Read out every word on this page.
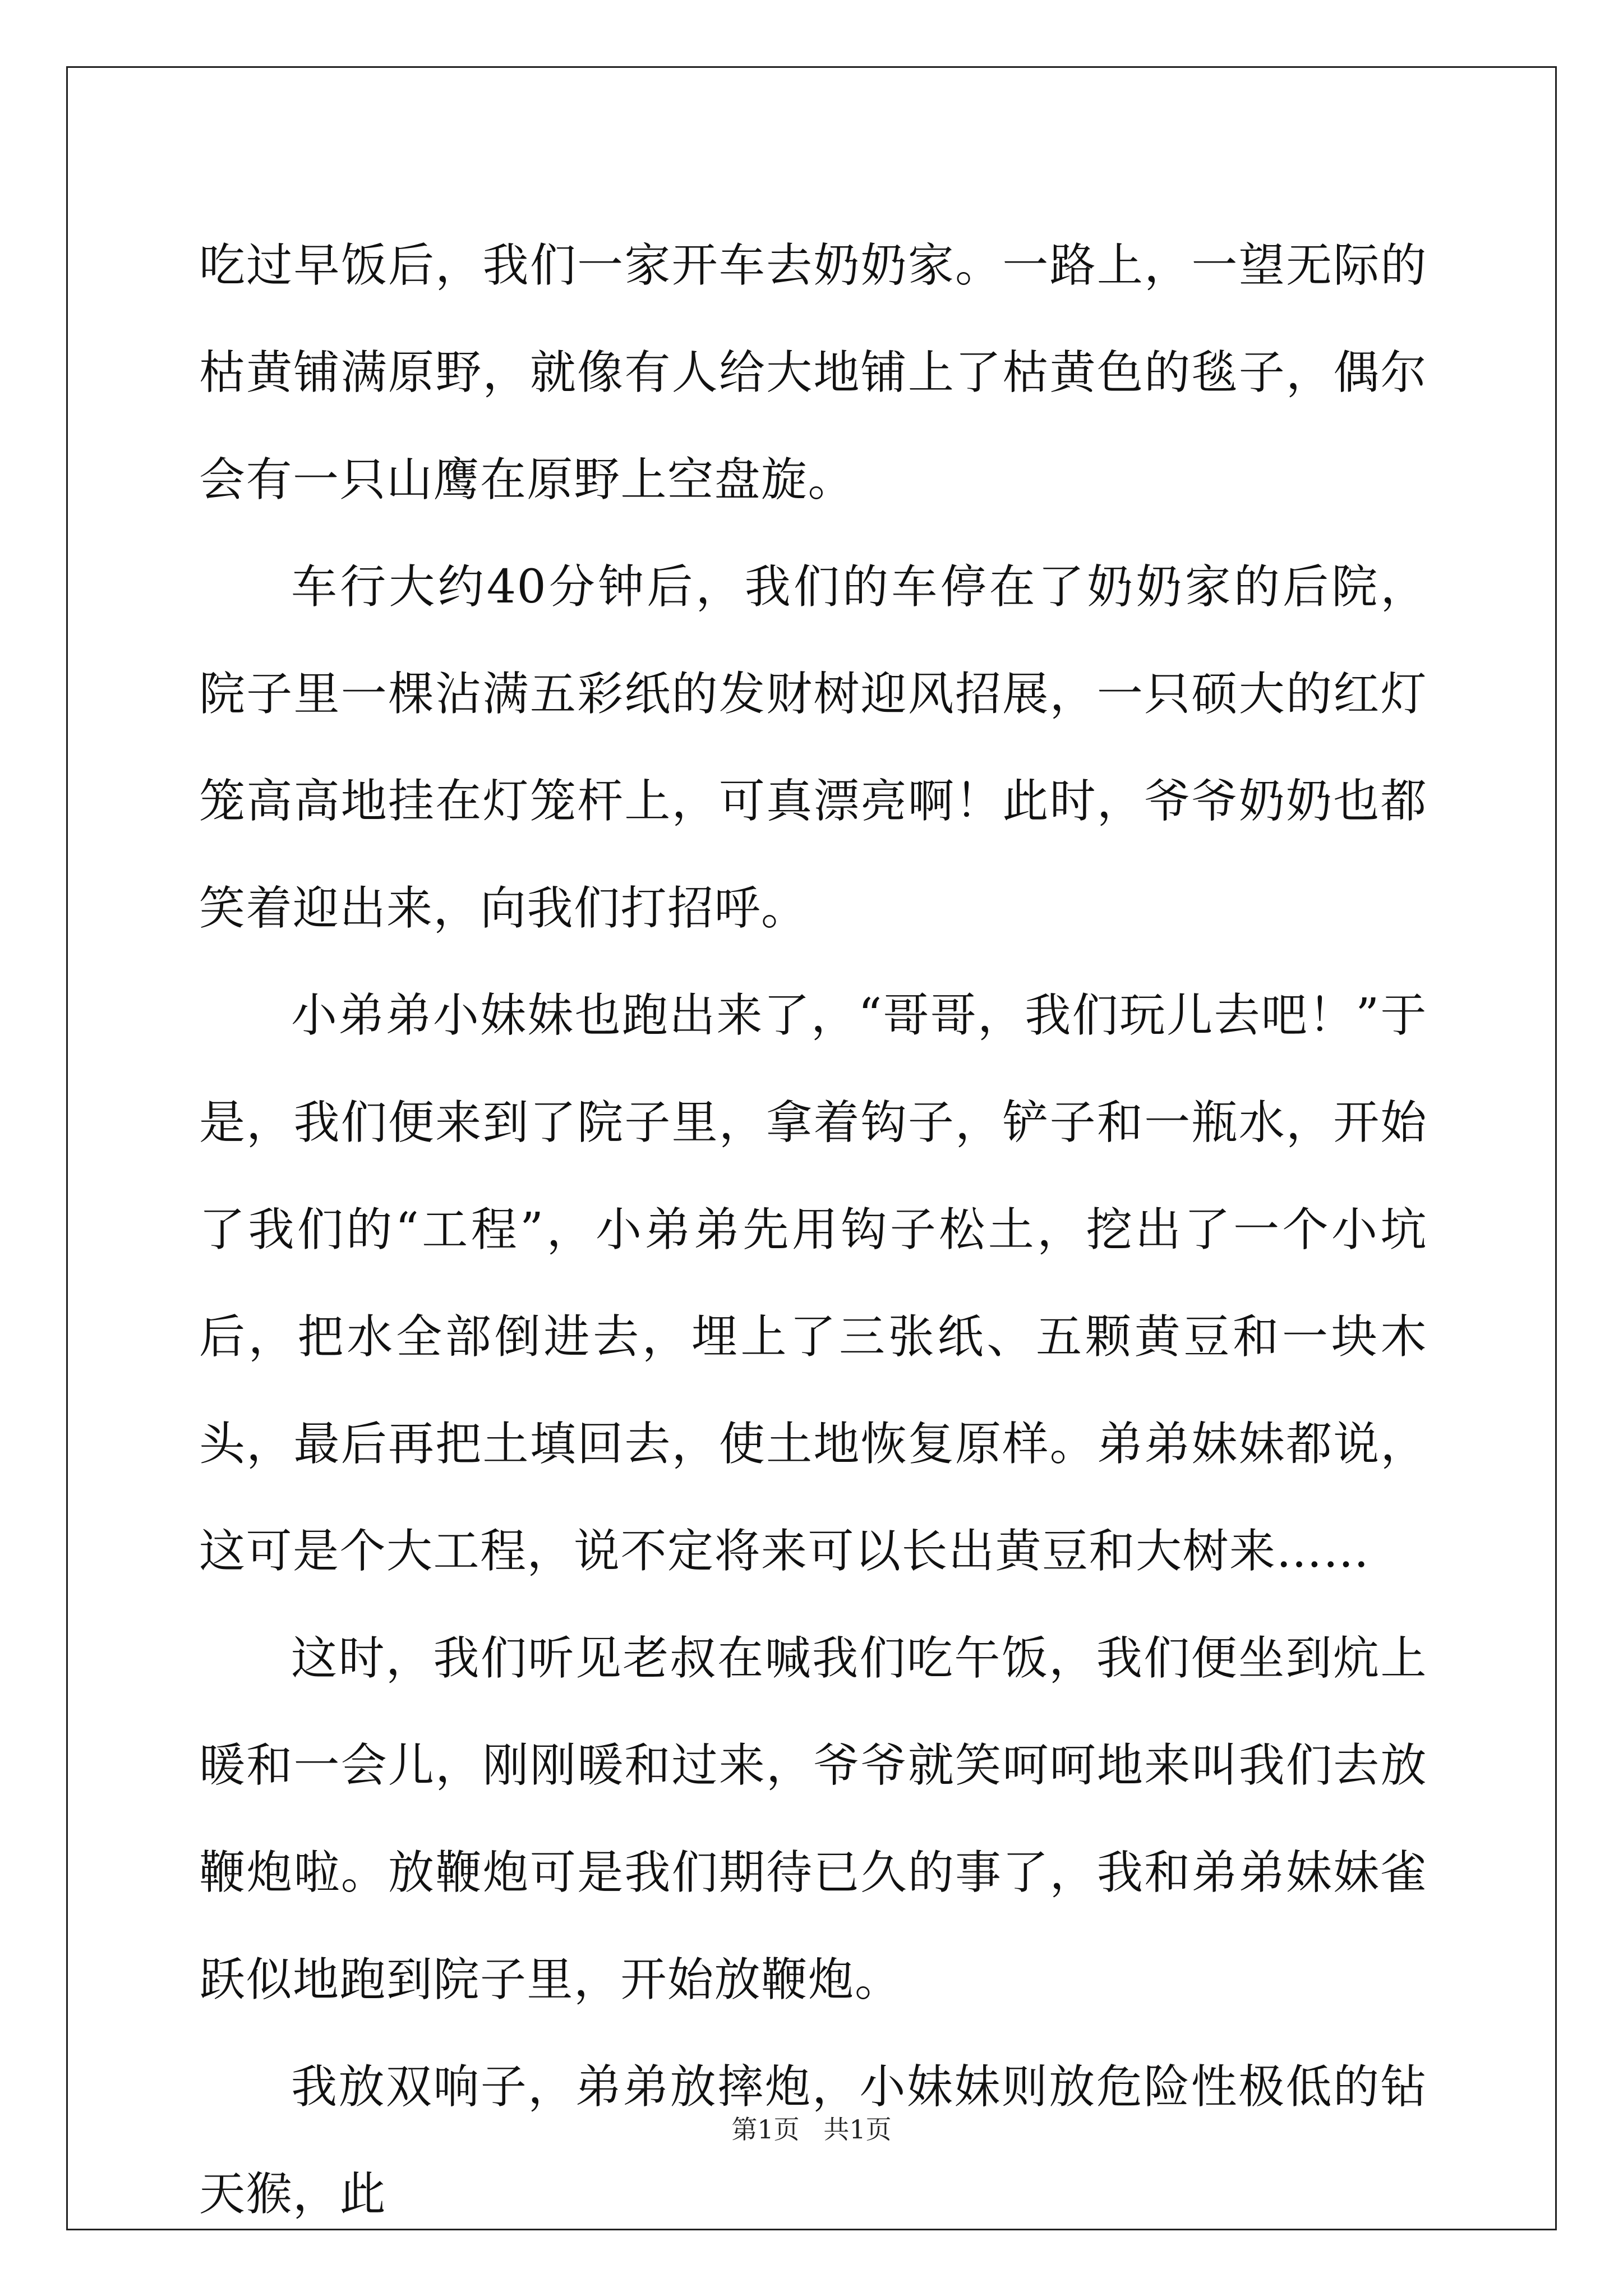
吃过早饭后，我们一家开车去奶奶家。一路上，一望无际的枯黄铺满原野，就像有人给大地铺上了枯黄色的毯子，偶尔会有一只山鹰在原野上空盘旋。

车行大约40分钟后，我们的车停在了奶奶家的后院，院子里一棵沾满五彩纸的发财树迎风招展，一只硕大的红灯笼高高地挂在灯笼杆上，可真漂亮啊！此时，爷爷奶奶也都笑着迎出来，向我们打招呼。

小弟弟小妹妹也跑出来了，“哥哥，我们玩儿去吧！”于是，我们便来到了院子里，拿着钩子，铲子和一瓶水，开始了我们的“工程”，小弟弟先用钩子松土，挖出了一个小坑后，把水全部倒进去，埋上了三张纸、五颗黄豆和一块木头，最后再把土填回去，使土地恢复原样。弟弟妹妹都说，这可是个大工程，说不定将来可以长出黄豆和大树来……

这时，我们听见老叔在喊我们吃午饭，我们便坐到炕上暖和一会儿，刚刚暖和过来，爷爷就笑呵呵地来叫我们去放鞭炮啦。放鞭炮可是我们期待已久的事了，我和弟弟妹妹雀跃似地跑到院子里，开始放鞭炮。

我放双响子，弟弟放摔炮，小妹妹则放危险性极低的钻天猴，此

第1页 共1页
